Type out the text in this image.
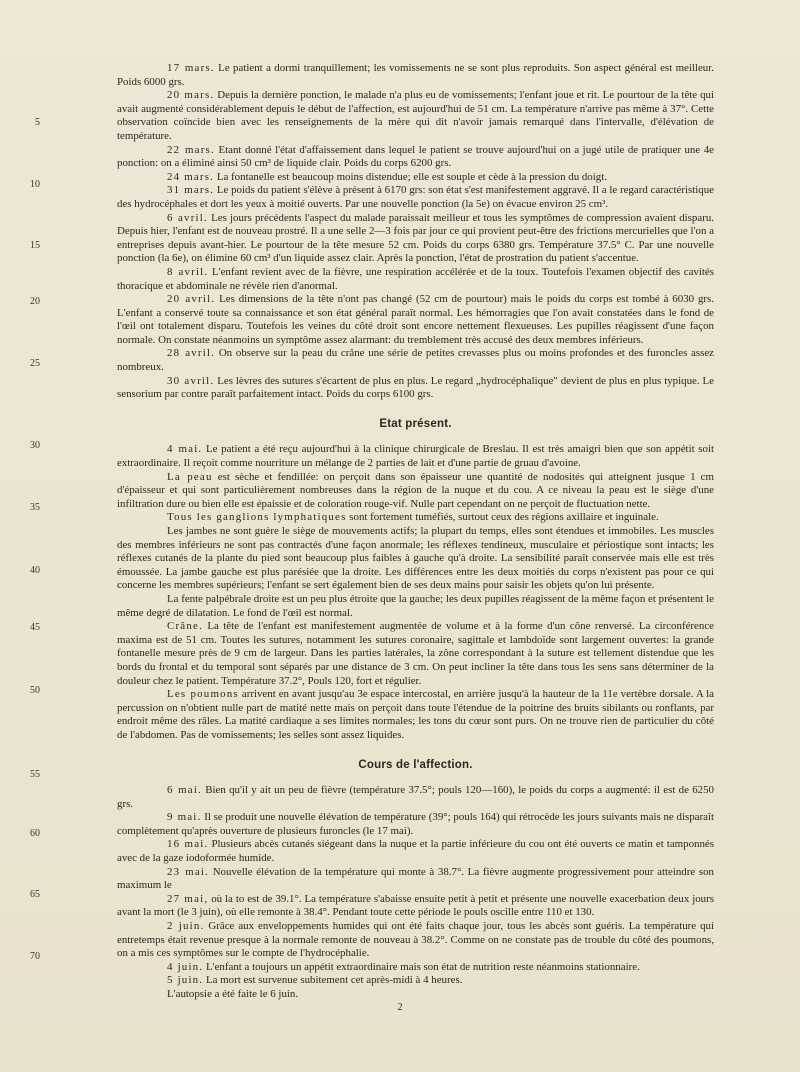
5
10
15
20
25
30
35
40
45
50
55
60
65
70

17 mars. Le patient a dormi tranquillement; les vomissements ne se sont plus reproduits. Son aspect général est meilleur. Poids 6000 grs.

20 mars. Depuis la dernière ponction, le malade n'a plus eu de vomissements; l'enfant joue et rit. Le pourtour de la tête qui avait augmenté considérablement depuis le début de l'affection, est aujourd'hui de 51 cm. La température n'arrive pas même à 37°. Cette observation coïncide bien avec les renseignements de la mère qui dit n'avoir jamais remarqué dans l'intervalle, d'élévation de température.

22 mars. Etant donné l'état d'affaissement dans lequel le patient se trouve aujourd'hui on a jugé utile de pratiquer une 4e ponction: on a éliminé ainsi 50 cm³ de liquide clair. Poids du corps 6200 grs.

24 mars. La fontanelle est beaucoup moins distendue; elle est souple et cède à la pression du doigt.

31 mars. Le poids du patient s'élève à présent à 6170 grs: son état s'est manifestement aggravé. Il a le regard caractéristique des hydrocéphales et dort les yeux à moitié ouverts. Par une nouvelle ponction (la 5e) on évacue environ 25 cm³.

6 avril. Les jours précédents l'aspect du malade paraissait meilleur et tous les symptômes de compression avaient disparu. Depuis hier, l'enfant est de nouveau prostré. Il a une selle 2—3 fois par jour ce qui provient peut-être des frictions mercurielles que l'on a entreprises depuis avant-hier. Le pourtour de la tête mesure 52 cm. Poids du corps 6380 grs. Température 37.5° C. Par une nouvelle ponction (la 6e), on élimine 60 cm³ d'un liquide assez clair. Après la ponction, l'état de prostration du patient s'accentue.

8 avril. L'enfant revient avec de la fièvre, une respiration accélérée et de la toux. Toutefois l'examen objectif des cavités thoracique et abdominale ne révèle rien d'anormal.

20 avril. Les dimensions de la tête n'ont pas changé (52 cm de pourtour) mais le poids du corps est tombé à 6030 grs. L'enfant a conservé toute sa connaissance et son état général paraît normal. Les hémorragies que l'on avait constatées dans le fond de l'œil ont totalement disparu. Toutefois les veines du côté droit sont encore nettement flexueuses. Les pupilles réagissent d'une façon normale. On constate néanmoins un symptôme assez alarmant: du tremblement très accusé des deux membres inférieurs.

28 avril. On observe sur la peau du crâne une série de petites crevasses plus ou moins profondes et des furoncles assez nombreux.

30 avril. Les lèvres des sutures s'écartent de plus en plus. Le regard „hydrocéphalique" devient de plus en plus typique. Le sensorium par contre paraît parfaitement intact. Poids du corps 6100 grs.

Etat présent.

4 mai. Le patient a été reçu aujourd'hui à la clinique chirurgicale de Breslau. Il est très amaigri bien que son appétit soit extraordinaire. Il reçoit comme nourriture un mélange de 2 parties de lait et d'une partie de gruau d'avoine.

La peau est sèche et fendillée: on perçoit dans son épaisseur une quantité de nodosités qui atteignent jusque 1 cm d'épaisseur et qui sont particulièrement nombreuses dans la région de la nuque et du cou. A ce niveau la peau est le siège d'une infiltration dure ou bien elle est épaissie et de coloration rouge-vif. Nulle part cependant on ne perçoit de fluctuation nette.

Tous les ganglions lymphatiques sont fortement tuméfiés, surtout ceux des régions axillaire et inguinale.

Les jambes ne sont guère le siège de mouvements actifs; la plupart du temps, elles sont étendues et immobiles. Les muscles des membres inférieurs ne sont pas contractés d'une façon anormale; les réflexes tendineux, musculaire et périostique sont intacts; les réflexes cutanés de la plante du pied sont beaucoup plus faibles à gauche qu'à droite. La sensibilité paraît conservée mais elle est très émoussée. La jambe gauche est plus parésiée que la droite. Les différences entre les deux moitiés du corps n'existent pas pour ce qui concerne les membres supérieurs; l'enfant se sert également bien de ses deux mains pour saisir les objets qu'on lui présente.

La fente palpébrale droite est un peu plus étroite que la gauche; les deux pupilles réagissent de la même façon et présentent le même degré de dilatation. Le fond de l'œil est normal.

Crâne. La tête de l'enfant est manifestement augmentée de volume et à la forme d'un cône renversé. La circonférence maxima est de 51 cm. Toutes les sutures, notamment les sutures coronaire, sagittale et lambdoïde sont largement ouvertes: la grande fontanelle mesure près de 9 cm de largeur. Dans les parties latérales, la zône correspondant à la suture est tellement distendue que les bords du frontal et du temporal sont séparés par une distance de 3 cm. On peut incliner la tête dans tous les sens sans déterminer de la douleur chez le patient. Température 37.2°, Pouls 120, fort et régulier.

Les poumons arrivent en avant jusqu'au 3e espace intercostal, en arrière jusqu'à la hauteur de la 11e vertèbre dorsale. A la percussion on n'obtient nulle part de matité nette mais on perçoit dans toute l'étendue de la poitrine des bruits sibilants ou ronflants, par endroit même des râles. La matité cardiaque a ses limites normales; les tons du cœur sont purs. On ne trouve rien de particulier du côté de l'abdomen. Pas de vomissements; les selles sont assez liquides.

Cours de l'affection.

6 mai. Bien qu'il y ait un peu de fièvre (température 37.5°; pouls 120—160), le poids du corps a augmenté: il est de 6250 grs.

9 mai. Il se produit une nouvelle élévation de température (39°; pouls 164) qui rétrocède les jours suivants mais ne disparaît complètement qu'après ouverture de plusieurs furoncles (le 17 mai).

16 mai. Plusieurs abcès cutanés siégeant dans la nuque et la partie inférieure du cou ont été ouverts ce matin et tamponnés avec de la gaze iodoformée humide.

23 mai. Nouvelle élévation de la température qui monte à 38.7°. La fièvre augmente progressivement pour atteindre son maximum le

27 mai, où la to est de 39.1°. La température s'abaisse ensuite petit à petit et présente une nouvelle exacerbation deux jours avant la mort (le 3 juin), où elle remonte à 38.4°. Pendant toute cette période le pouls oscille entre 110 et 130.

2 juin. Grâce aux enveloppements humides qui ont été faits chaque jour, tous les abcès sont guéris. La température qui entretemps était revenue presque à la normale remonte de nouveau à 38.2°. Comme on ne constate pas de trouble du côté des poumons, on a mis ces symptômes sur le compte de l'hydrocéphalie.

4 juin. L'enfant a toujours un appétit extraordinaire mais son état de nutrition reste néanmoins stationnaire.

5 juin. La mort est survenue subitement cet après-midi à 4 heures.

L'autopsie a été faite le 6 juin.

2
